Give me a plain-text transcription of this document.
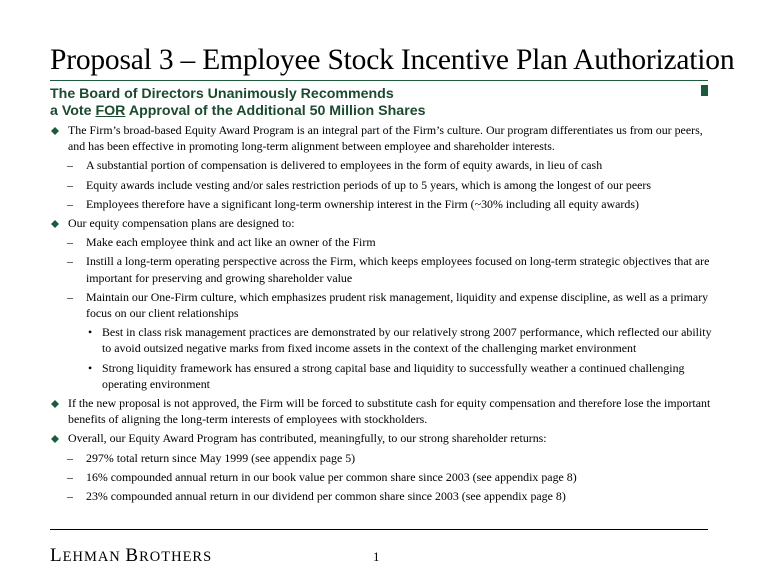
Proposal 3 – Employee Stock Incentive Plan Authorization
The Board of Directors Unanimously Recommends
a Vote FOR Approval of the Additional 50 Million Shares
The Firm’s broad-based Equity Award Program is an integral part of the Firm’s culture. Our program differentiates us from our peers, and has been effective in promoting long-term alignment between employee and shareholder interests.
– A substantial portion of compensation is delivered to employees in the form of equity awards, in lieu of cash
– Equity awards include vesting and/or sales restriction periods of up to 5 years, which is among the longest of our peers
– Employees therefore have a significant long-term ownership interest in the Firm (~30% including all equity awards)
Our equity compensation plans are designed to:
– Make each employee think and act like an owner of the Firm
– Instill a long-term operating perspective across the Firm, which keeps employees focused on long-term strategic objectives that are important for preserving and growing shareholder value
– Maintain our One-Firm culture, which emphasizes prudent risk management, liquidity and expense discipline, as well as a primary focus on our client relationships
• Best in class risk management practices are demonstrated by our relatively strong 2007 performance, which reflected our ability to avoid outsized negative marks from fixed income assets in the context of the challenging market environment
• Strong liquidity framework has ensured a strong capital base and liquidity to successfully weather a continued challenging operating environment
If the new proposal is not approved, the Firm will be forced to substitute cash for equity compensation and therefore lose the important benefits of aligning the long-term interests of employees with stockholders.
Overall, our Equity Award Program has contributed, meaningfully, to our strong shareholder returns:
– 297% total return since May 1999 (see appendix page 5)
– 16% compounded annual return in our book value per common share since 2003 (see appendix page 8)
– 23% compounded annual return in our dividend per common share since 2003 (see appendix page 8)
LEHMAN BROTHERS	1
